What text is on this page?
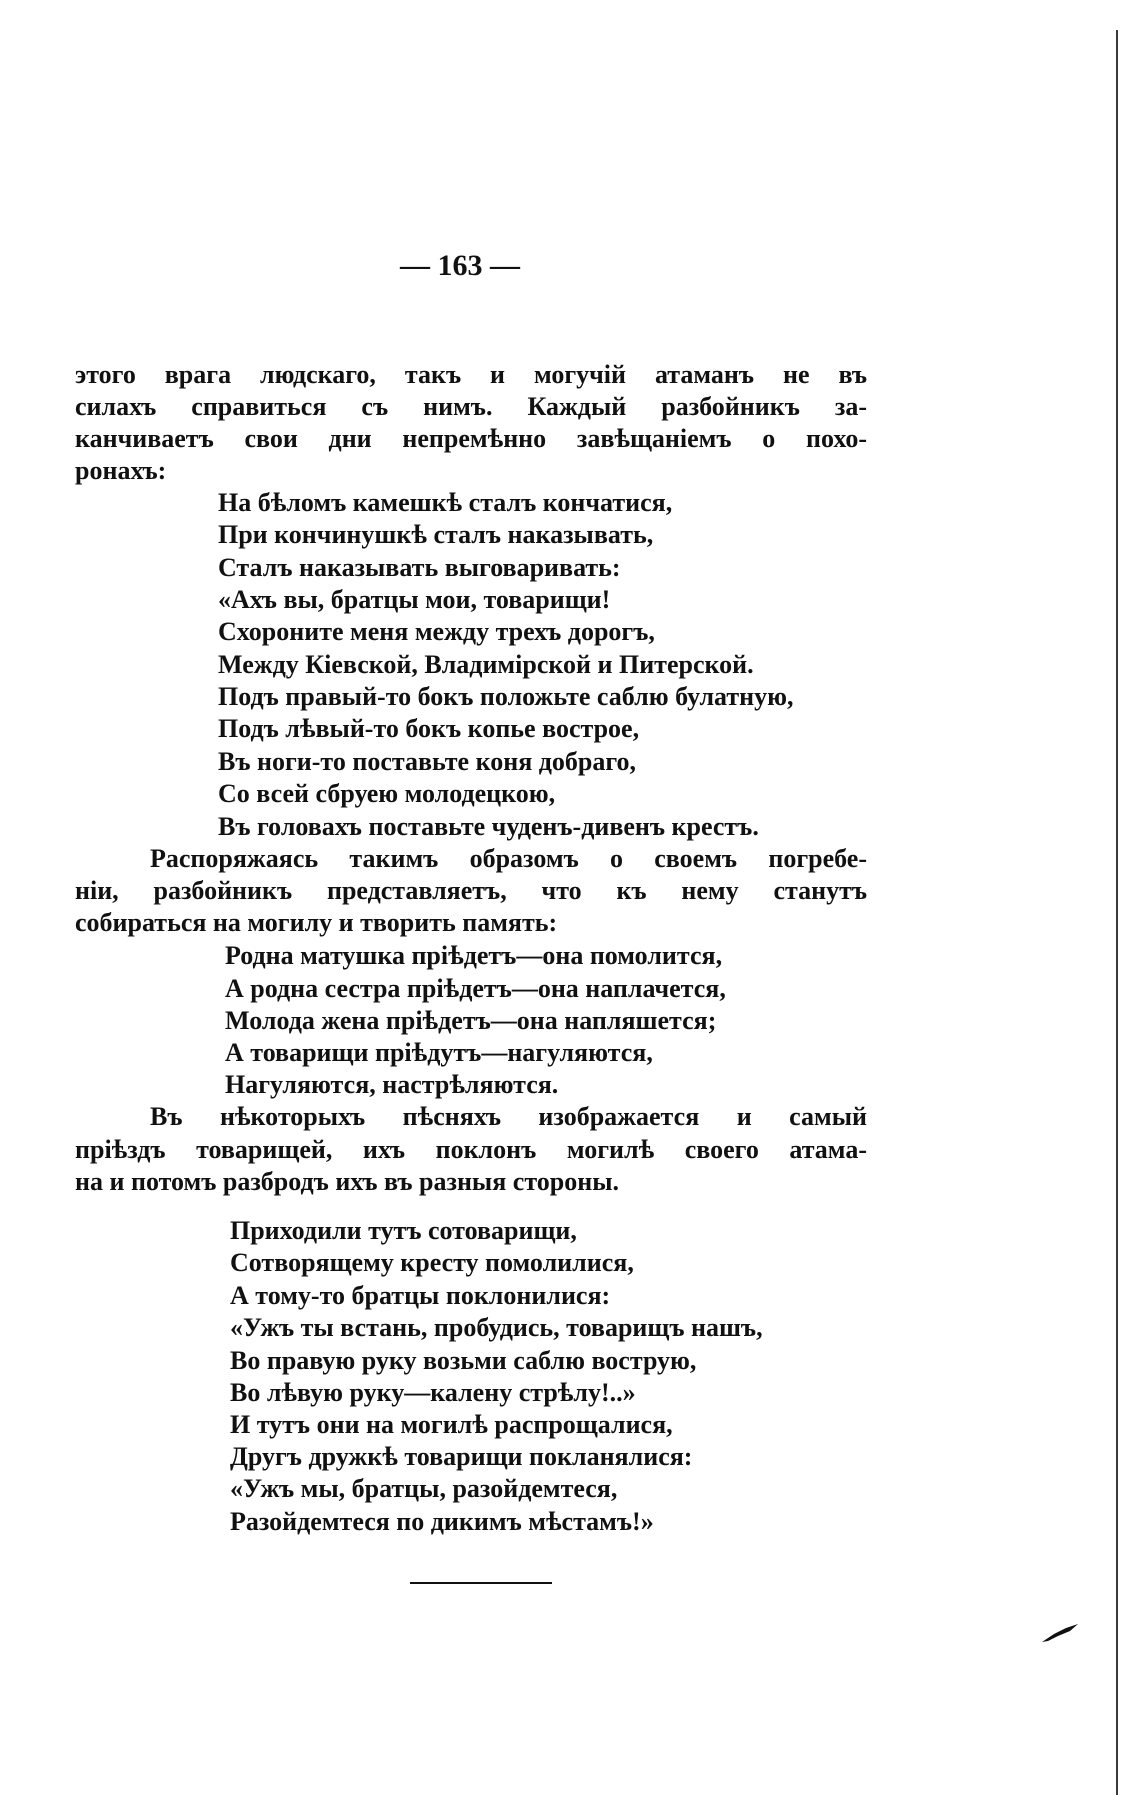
— 163 —
этого врага людскаго, такъ и могучій атаманъ не въ
силахъ справиться съ нимъ. Каждый разбойникъ за-
канчиваетъ свои дни непремѣнно завѣщаніемъ о похо-
ронахъ:
На бѣломъ камешкѣ сталъ кончатися,
При кончинушкѣ сталъ наказывать,
Сталъ наказывать выговаривать:
«Ахъ вы, братцы мои, товарищи!
Схороните меня между трехъ дорогъ,
Между Кіевской, Владимірской и Питерской.
Подъ правый-то бокъ положьте саблю булатную,
Подъ лѣвый-то бокъ копье вострое,
Въ ноги-то поставьте коня добраго,
Со всей сбруею молодецкою,
Въ головахъ поставьте чуденъ-дивенъ крестъ.
Распоряжаясь такимъ образомъ о своемъ погребе-
ніи, разбойникъ представляетъ, что къ нему станутъ
собираться на могилу и творить память:
Родна матушка пріѣдетъ—она помолится,
А родна сестра пріѣдетъ—она наплачется,
Молода жена пріѣдетъ—она напляшется;
А товарищи пріѣдутъ—нагуляются,
Нагуляются, настрѣляются.
Въ нѣкоторыхъ пѣсняхъ изображается и самый
пріѣздъ товарищей, ихъ поклонъ могилѣ своего атама-
на и потомъ разбродъ ихъ въ разныя стороны.
Приходили тутъ сотоварищи,
Сотворящему кресту помолилися,
А тому-то братцы поклонилися:
«Ужъ ты встань, пробудись, товарищъ нашъ,
Во правую руку возьми саблю вострую,
Во лѣвую руку—калену стрѣлу!..»
И тутъ они на могилѣ распрощалися,
Другъ дружкѣ товарищи покланялися:
«Ужъ мы, братцы, разойдемтеся,
Разойдемтеся по дикимъ мѣстамъ!»
